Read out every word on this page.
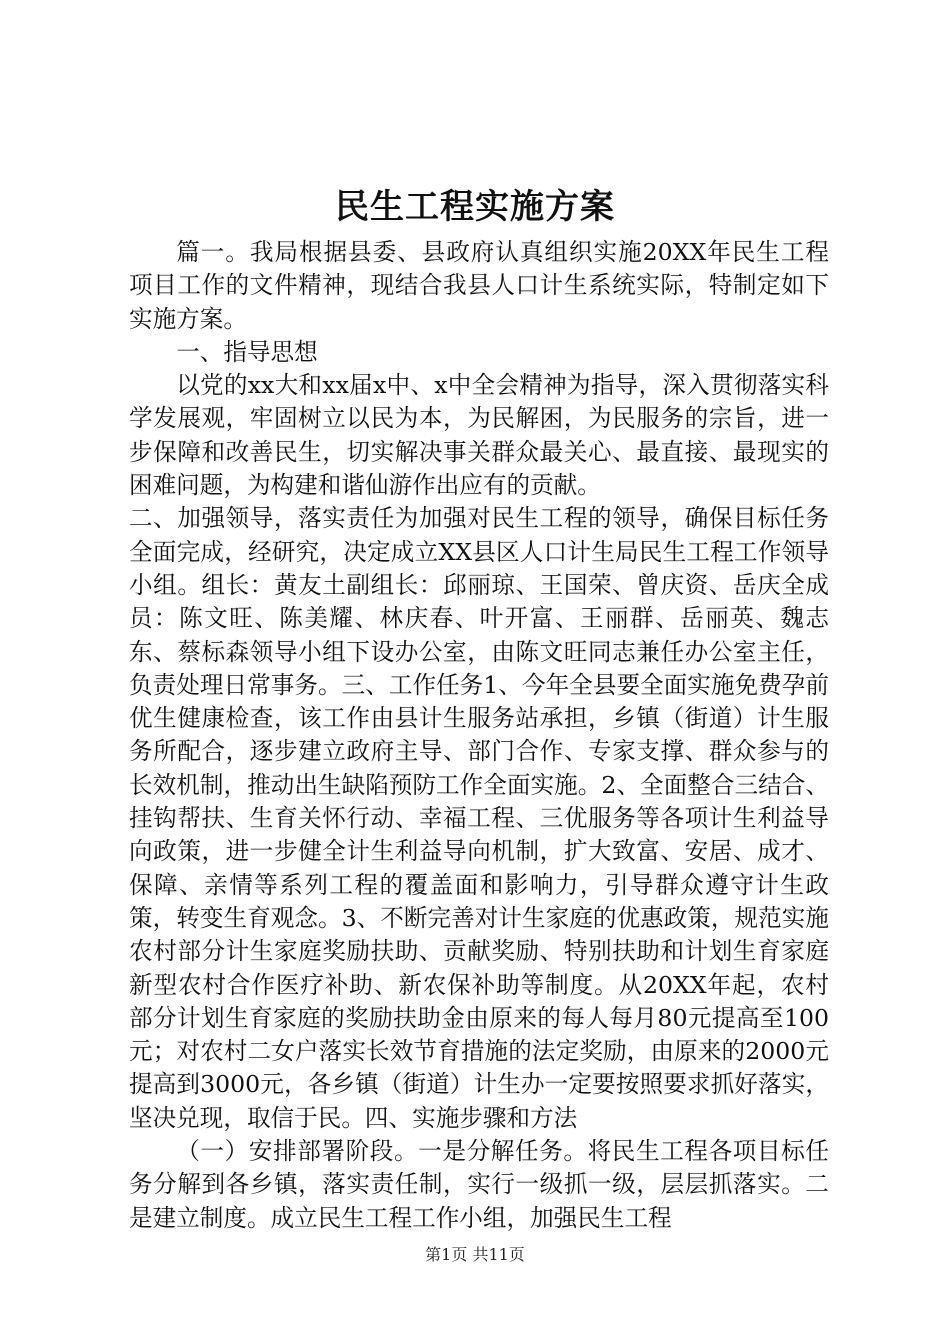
民生工程实施方案

篇一。我局根据县委、县政府认真组织实施20XX年民生工程项目工作的文件精神，现结合我县人口计生系统实际，特制定如下实施方案。

一、指导思想

以党的xx大和xx届x中、x中全会精神为指导，深入贯彻落实科学发展观，牢固树立以民为本，为民解困，为民服务的宗旨，进一步保障和改善民生，切实解决事关群众最关心、最直接、最现实的困难问题，为构建和谐仙游作出应有的贡献。

二、加强领导，落实责任为加强对民生工程的领导，确保目标任务全面完成，经研究，决定成立XX县区人口计生局民生工程工作领导小组。组长：黄友土副组长：邱丽琼、王国荣、曾庆资、岳庆全成员：陈文旺、陈美耀、林庆春、叶开富、王丽群、岳丽英、魏志东、蔡标森领导小组下设办公室，由陈文旺同志兼任办公室主任，负责处理日常事务。三、工作任务1、今年全县要全面实施免费孕前优生健康检查，该工作由县计生服务站承担，乡镇（街道）计生服务所配合，逐步建立政府主导、部门合作、专家支撑、群众参与的长效机制，推动出生缺陷预防工作全面实施。2、全面整合三结合、挂钩帮扶、生育关怀行动、幸福工程、三优服务等各项计生利益导向政策，进一步健全计生利益导向机制，扩大致富、安居、成才、保障、亲情等系列工程的覆盖面和影响力，引导群众遵守计生政策，转变生育观念。3、不断完善对计生家庭的优惠政策，规范实施农村部分计生家庭奖励扶助、贡献奖励、特别扶助和计划生育家庭新型农村合作医疗补助、新农保补助等制度。从20XX年起，农村部分计划生育家庭的奖励扶助金由原来的每人每月80元提高至100元；对农村二女户落实长效节育措施的法定奖励，由原来的2000元提高到3000元，各乡镇（街道）计生办一定要按照要求抓好落实，坚决兑现，取信于民。四、实施步骤和方法

（一）安排部署阶段。一是分解任务。将民生工程各项目标任务分解到各乡镇，落实责任制，实行一级抓一级，层层抓落实。二是建立制度。成立民生工程工作小组，加强民生工程

第1页 共11页
